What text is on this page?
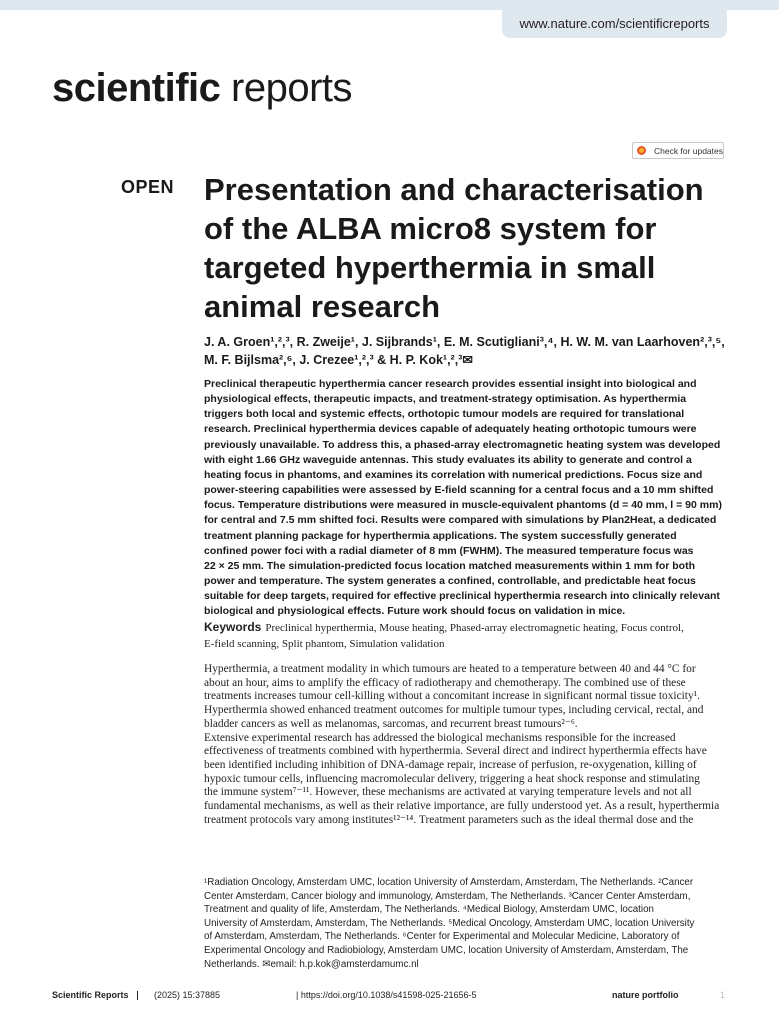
www.nature.com/scientificreports
scientific reports
Check for updates
OPEN Presentation and characterisation
of the ALBA micro8 system for
targeted hyperthermia in small
animal research
J. A. Groen¹,²,³, R. Zweije¹, J. Sijbrands¹, E. M. Scutigliani³,⁴, H. W. M. van Laarhoven²,³,⁵,
M. F. Bijlsma²,⁶, J. Crezee¹,²,³ & H. P. Kok¹,²,³✉
Preclinical therapeutic hyperthermia cancer research provides essential insight into biological and
physiological effects, therapeutic impacts, and treatment-strategy optimisation. As hyperthermia
triggers both local and systemic effects, orthotopic tumour models are required for translational
research. Preclinical hyperthermia devices capable of adequately heating orthotopic tumours were
previously unavailable. To address this, a phased-array electromagnetic heating system was developed
with eight 1.66 GHz waveguide antennas. This study evaluates its ability to generate and control a
heating focus in phantoms, and examines its correlation with numerical predictions. Focus size and
power-steering capabilities were assessed by E-field scanning for a central focus and a 10 mm shifted
focus. Temperature distributions were measured in muscle-equivalent phantoms (d = 40 mm, l = 90 mm)
for central and 7.5 mm shifted foci. Results were compared with simulations by Plan2Heat, a dedicated
treatment planning package for hyperthermia applications. The system successfully generated
confined power foci with a radial diameter of 8 mm (FWHM). The measured temperature focus was
22 × 25 mm. The simulation-predicted focus location matched measurements within 1 mm for both
power and temperature. The system generates a confined, controllable, and predictable heat focus
suitable for deep targets, required for effective preclinical hyperthermia research into clinically relevant
biological and physiological effects. Future work should focus on validation in mice.
Keywords Preclinical hyperthermia, Mouse heating, Phased-array electromagnetic heating, Focus control,
E-field scanning, Split phantom, Simulation validation
Hyperthermia, a treatment modality in which tumours are heated to a temperature between 40 and 44 °C for
about an hour, aims to amplify the efficacy of radiotherapy and chemotherapy. The combined use of these
treatments increases tumour cell-killing without a concomitant increase in significant normal tissue toxicity¹.
Hyperthermia showed enhanced treatment outcomes for multiple tumour types, including cervical, rectal, and
bladder cancers as well as melanomas, sarcomas, and recurrent breast tumours²⁻⁶.
Extensive experimental research has addressed the biological mechanisms responsible for the increased
effectiveness of treatments combined with hyperthermia. Several direct and indirect hyperthermia effects have
been identified including inhibition of DNA-damage repair, increase of perfusion, re-oxygenation, killing of
hypoxic tumour cells, influencing macromolecular delivery, triggering a heat shock response and stimulating
the immune system⁷⁻¹¹. However, these mechanisms are activated at varying temperature levels and not all
fundamental mechanisms, as well as their relative importance, are fully understood yet. As a result, hyperthermia
treatment protocols vary among institutes¹²⁻¹⁴. Treatment parameters such as the ideal thermal dose and the
¹Radiation Oncology, Amsterdam UMC, location University of Amsterdam, Amsterdam, The Netherlands. ²Cancer
Center Amsterdam, Cancer biology and immunology, Amsterdam, The Netherlands. ³Cancer Center Amsterdam,
Treatment and quality of life, Amsterdam, The Netherlands. ⁴Medical Biology, Amsterdam UMC, location
University of Amsterdam, Amsterdam, The Netherlands. ⁵Medical Oncology, Amsterdam UMC, location University
of Amsterdam, Amsterdam, The Netherlands. ⁶Center for Experimental and Molecular Medicine, Laboratory of
Experimental Oncology and Radiobiology, Amsterdam UMC, location University of Amsterdam, Amsterdam, The
Netherlands. ✉email: h.p.kok@amsterdamumc.nl
Scientific Reports	(2025) 15:37885	| https://doi.org/10.1038/s41598-025-21656-5	nature portfolio	1
